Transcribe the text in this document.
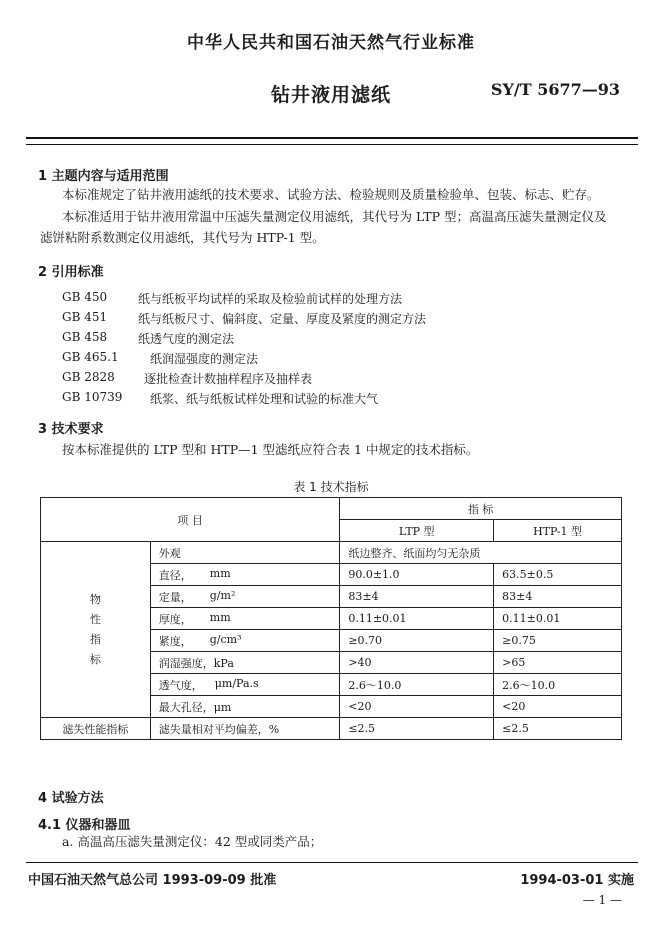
中华人民共和国石油天然气行业标准
钻井液用滤纸	SY/T 5677—93
1 主题内容与适用范围
本标准规定了钻井液用滤纸的技术要求、试验方法、检验规则及质量检验单、包装、标志、贮存。
本标准适用于钻井液用常温中压滤失量测定仪用滤纸，其代号为 LTP 型；高温高压滤失量测定仪及
滤饼粘附系数测定仪用滤纸，其代号为 HTP-1 型。
2 引用标准
GB 450	纸与纸板平均试样的采取及检验前试样的处理方法
GB 451	纸与纸板尺寸、偏斜度、定量、厚度及紧度的测定方法
GB 458	纸透气度的测定法
GB 465.1	纸润湿强度的测定法
GB 2828 逐批检查计数抽样程序及抽样表
GB 10739 纸浆、纸与纸板试样处理和试验的标准大气
3 技术要求
按本标准提供的 LTP 型和 HTP—1 型滤纸应符合表 1 中规定的技术指标。
表 1 技术指标
项 目		指 标	
		LTP 型	HTP-1 型
物
性
指
标	外观	纸边整齐、纸面均匀无杂质	
	直径， mm	90.0±1.0	63.5±0.5
	定量， g/m²	83±4	83±4
	厚度， mm	0.11±0.01	0.11±0.01
	紧度， g/cm³	≥0.70	≥0.75
	润湿强度，kPa	>40	>65
	透气度， μm/Pa.s	2.6～10.0	2.6～10.0
	最大孔径，μm	<20	<20
滤失性能指标	滤失量相对平均偏差，%	≤2.5	≤2.5
4 试验方法
4.1 仪器和器皿
a. 高温高压滤失量测定仪：42 型或同类产品；
中国石油天然气总公司 1993-09-09 批准	1994-03-01 实施
— 1 —
